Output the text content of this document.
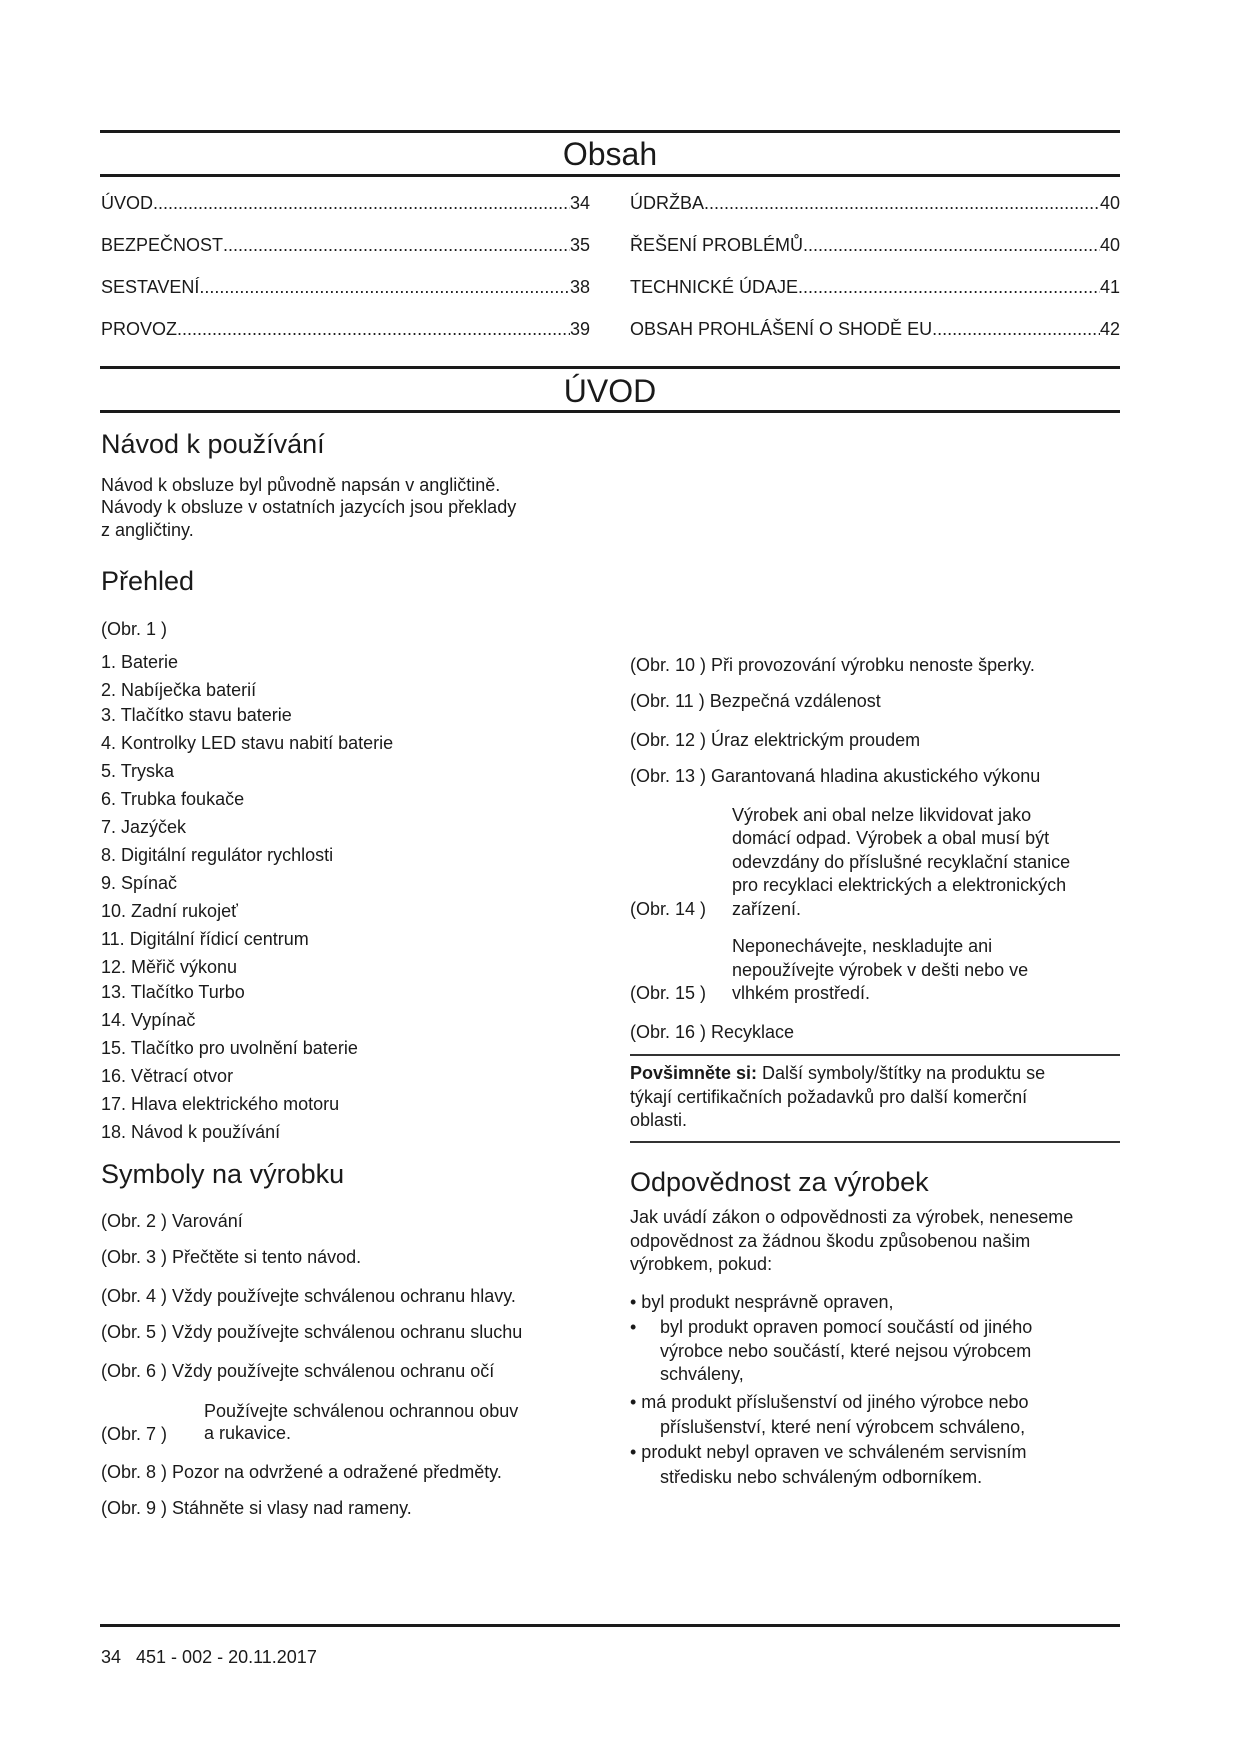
Obsah
ÚVOD .....	34
BEZPEČNOST .....	35
SESTAVENÍ .....	38
PROVOZ .....	39
ÚDRŽBA .....	40
ŘEŠENÍ PROBLÉMŮ .....	40
TECHNICKÉ ÚDAJE .....	41
OBSAH PROHLÁŠENÍ O SHODĚ EU .....	42
ÚVOD
Návod k používání
Návod k obsluze byl původně napsán v angličtině.
Návody k obsluze v ostatních jazycích jsou překlady
z angličtiny.
Přehled
(Obr. 1 )
1. Baterie
2. Nabíječka baterií
3. Tlačítko stavu baterie
4. Kontrolky LED stavu nabití baterie
5. Tryska
6. Trubka foukače
7. Jazýček
8. Digitální regulátor rychlosti
9. Spínač
10. Zadní rukojeť
11. Digitální řídicí centrum
12. Měřič výkonu
13. Tlačítko Turbo
14. Vypínač
15. Tlačítko pro uvolnění baterie
16. Větrací otvor
17. Hlava elektrického motoru
18. Návod k používání
Symboly na výrobku
(Obr. 2 ) Varování
(Obr. 3 ) Přečtěte si tento návod.
(Obr. 4 ) Vždy používejte schválenou ochranu hlavy.
(Obr. 5 ) Vždy používejte schválenou ochranu sluchu
(Obr. 6 ) Vždy používejte schválenou ochranu očí
Používejte schválenou ochrannou obuv
(Obr. 7 ) a rukavice.
(Obr. 8 ) Pozor na odvržené a odražené předměty.
(Obr. 9 ) Stáhněte si vlasy nad rameny.
(Obr. 10 ) Při provozování výrobku nenoste šperky.
(Obr. 11 ) Bezpečná vzdálenost
(Obr. 12 ) Úraz elektrickým proudem
(Obr. 13 ) Garantovaná hladina akustického výkonu
Výrobek ani obal nelze likvidovat jako
domácí odpad. Výrobek a obal musí být
odevzdány do příslušné recyklační stanice
pro recyklaci elektrických a elektronických
(Obr. 14 ) zařízení.
Neponechávejte, neskladujte ani
nepoužívejte výrobek v dešti nebo ve
(Obr. 15 ) vlhkém prostředí.
(Obr. 16 ) Recyklace
Povšimněte si: Další symboly/štítky na produktu se
týkají certifikačních požadavků pro další komerční
oblasti.
Odpovědnost za výrobek
Jak uvádí zákon o odpovědnosti za výrobek, neneseme
odpovědnost za žádnou škodu způsobenou našim
výrobkem, pokud:
• byl produkt nesprávně opraven,
• byl produkt opraven pomocí součástí od jiného
výrobce nebo součástí, které nejsou výrobcem
schváleny,
• má produkt příslušenství od jiného výrobce nebo
příslušenství, které není výrobcem schváleno,
• produkt nebyl opraven ve schváleném servisním
středisku nebo schváleným odborníkem.
34   451 - 002 - 20.11.2017
